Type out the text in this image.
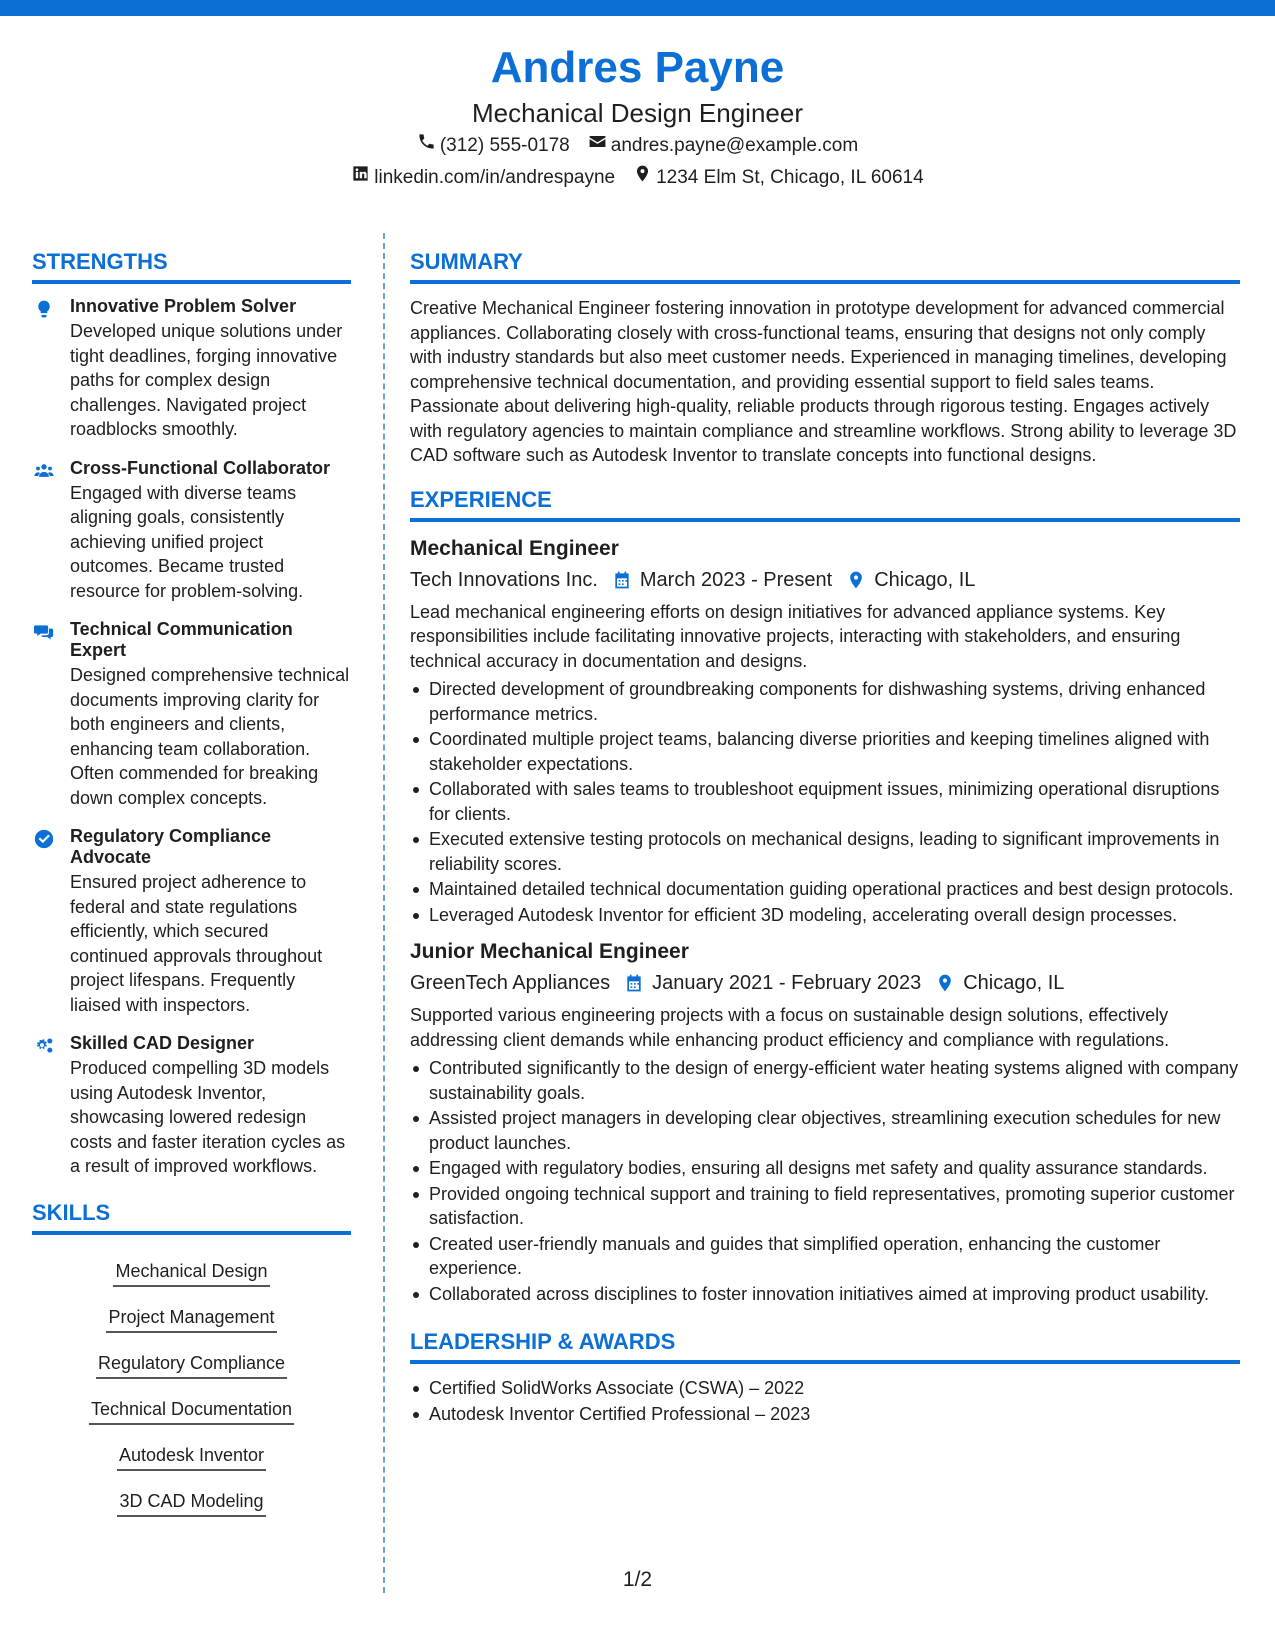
Andres Payne
Mechanical Design Engineer
(312) 555-0178 andres.payne@example.com
linkedin.com/in/andrespayne 1234 Elm St, Chicago, IL 60614
STRENGTHS
Innovative Problem Solver
Developed unique solutions under tight deadlines, forging innovative paths for complex design challenges. Navigated project roadblocks smoothly.
Cross-Functional Collaborator
Engaged with diverse teams aligning goals, consistently achieving unified project outcomes. Became trusted resource for problem-solving.
Technical Communication Expert
Designed comprehensive technical documents improving clarity for both engineers and clients, enhancing team collaboration. Often commended for breaking down complex concepts.
Regulatory Compliance Advocate
Ensured project adherence to federal and state regulations efficiently, which secured continued approvals throughout project lifespans. Frequently liaised with inspectors.
Skilled CAD Designer
Produced compelling 3D models using Autodesk Inventor, showcasing lowered redesign costs and faster iteration cycles as a result of improved workflows.
SKILLS
Mechanical Design
Project Management
Regulatory Compliance
Technical Documentation
Autodesk Inventor
3D CAD Modeling
SUMMARY

Creative Mechanical Engineer fostering innovation in prototype development for advanced commercial appliances. Collaborating closely with cross-functional teams, ensuring that designs not only comply with industry standards but also meet customer needs. Experienced in managing timelines, developing comprehensive technical documentation, and providing essential support to field sales teams. Passionate about delivering high-quality, reliable products through rigorous testing. Engages actively with regulatory agencies to maintain compliance and streamline workflows. Strong ability to leverage 3D CAD software such as Autodesk Inventor to translate concepts into functional designs.

EXPERIENCE
Mechanical Engineer
Tech Innovations Inc. March 2023 - Present Chicago, IL

Lead mechanical engineering efforts on design initiatives for advanced appliance systems. Key responsibilities include facilitating innovative projects, interacting with stakeholders, and ensuring technical accuracy in documentation and designs.

Directed development of groundbreaking components for dishwashing systems, driving enhanced performance metrics.
Coordinated multiple project teams, balancing diverse priorities and keeping timelines aligned with stakeholder expectations.
Collaborated with sales teams to troubleshoot equipment issues, minimizing operational disruptions for clients.
Executed extensive testing protocols on mechanical designs, leading to significant improvements in reliability scores.
Maintained detailed technical documentation guiding operational practices and best design protocols.
Leveraged Autodesk Inventor for efficient 3D modeling, accelerating overall design processes.
Junior Mechanical Engineer
GreenTech Appliances January 2021 - February 2023 Chicago, IL

Supported various engineering projects with a focus on sustainable design solutions, effectively addressing client demands while enhancing product efficiency and compliance with regulations.

Contributed significantly to the design of energy-efficient water heating systems aligned with company sustainability goals.
Assisted project managers in developing clear objectives, streamlining execution schedules for new product launches.
Engaged with regulatory bodies, ensuring all designs met safety and quality assurance standards.
Provided ongoing technical support and training to field representatives, promoting superior customer satisfaction.
Created user-friendly manuals and guides that simplified operation, enhancing the customer experience.
Collaborated across disciplines to foster innovation initiatives aimed at improving product usability.
LEADERSHIP & AWARDS
Certified SolidWorks Associate (CSWA) – 2022
Autodesk Inventor Certified Professional – 2023
1/2
